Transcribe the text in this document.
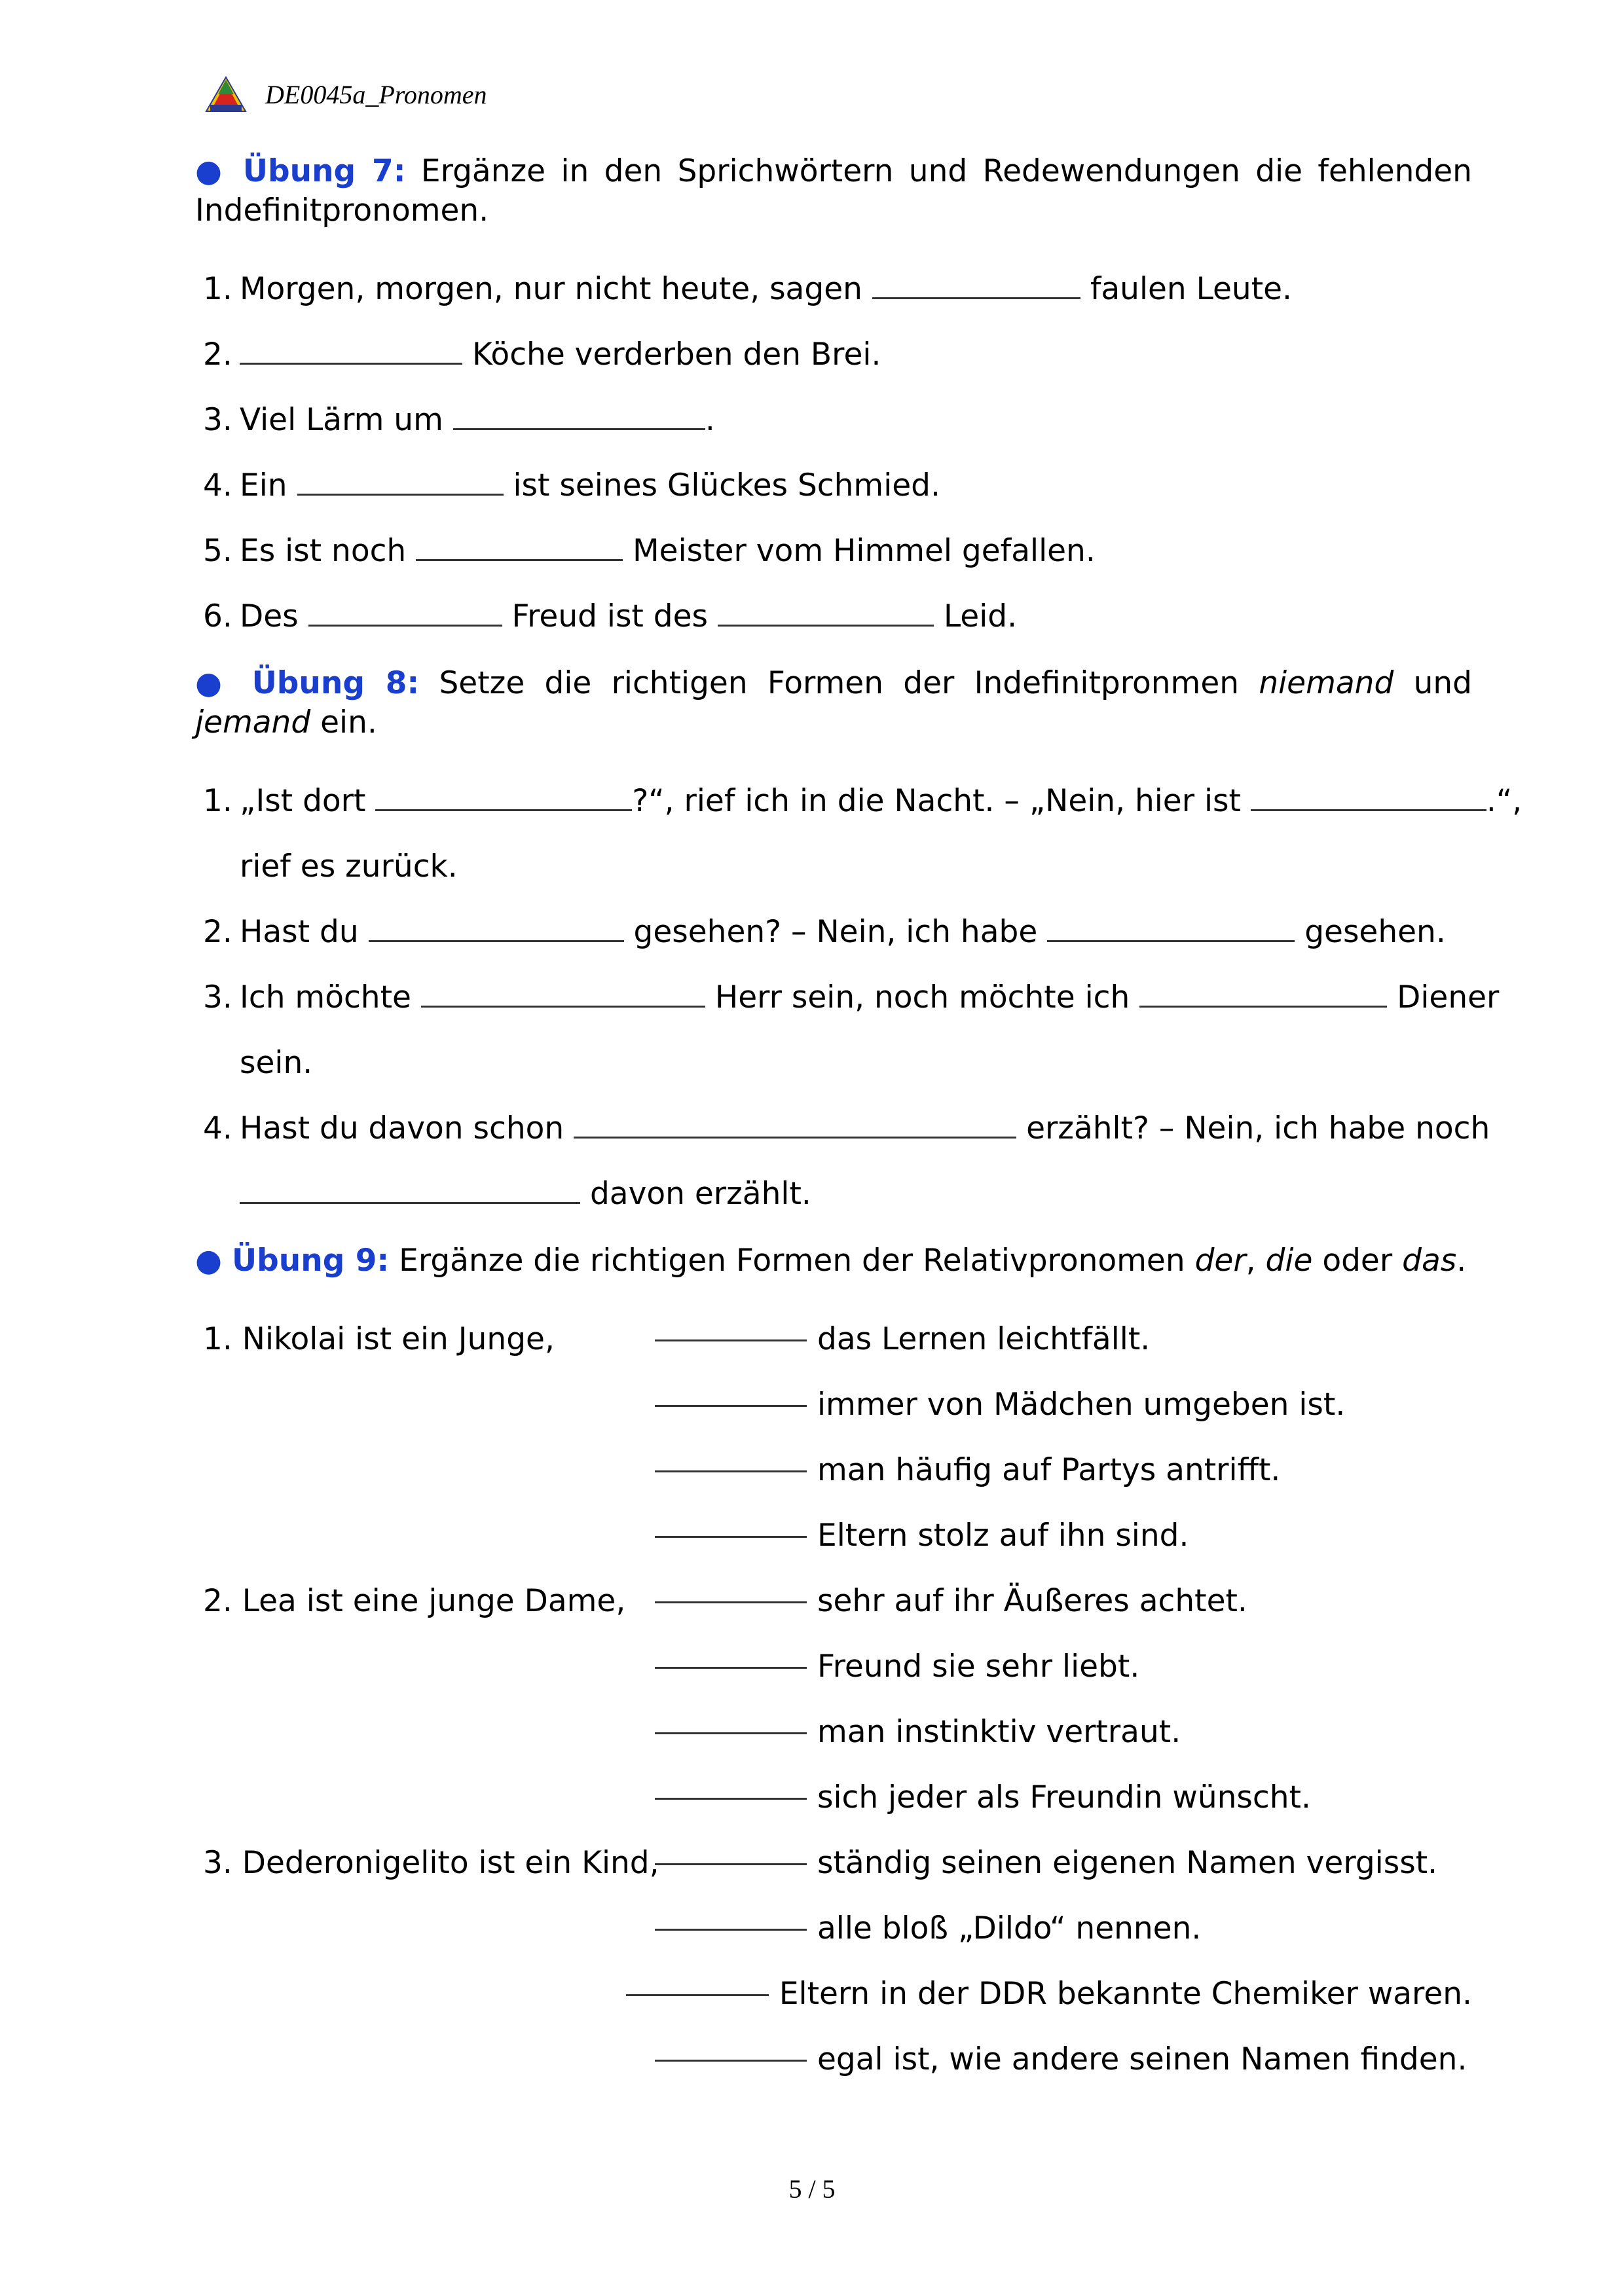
DE0045a_Pronomen
● Übung 7: Ergänze in den Sprichwörtern und Redewendungen die fehlenden Indefinitpronomen.
1. Morgen, morgen, nur nicht heute, sagen	faulen Leute.
2.	Köche verderben den Brei.
3. Viel Lärm um	.
4. Ein	ist seines Glückes Schmied.
5. Es ist noch	Meister vom Himmel gefallen.
6. Des	Freud ist des	Leid.
● Übung 8: Setze die richtigen Formen der Indefinitpronmen niemand und jemand ein.
1. „Ist dort	?“, rief ich in die Nacht. – „Nein, hier ist	.“,
rief es zurück.
2. Hast du	gesehen? – Nein, ich habe	gesehen.
3. Ich möchte	Herr sein, noch möchte ich	Diener
sein.
4. Hast du davon schon	erzählt? – Nein, ich habe noch
davon erzählt.
● Übung 9: Ergänze die richtigen Formen der Relativpronomen der, die oder das.
1. Nikolai ist ein Junge,	das Lernen leichtfällt.
immer von Mädchen umgeben ist.
man häufig auf Partys antrifft.
Eltern stolz auf ihn sind.
2. Lea ist eine junge Dame,	sehr auf ihr Äußeres achtet.
Freund sie sehr liebt.
man instinktiv vertraut.
sich jeder als Freundin wünscht.
3. Dederonigelito ist ein Kind,	ständig seinen eigenen Namen vergisst.
alle bloß „Dildo“ nennen.
Eltern in der DDR bekannte Chemiker waren.
egal ist, wie andere seinen Namen finden.
5 / 5
